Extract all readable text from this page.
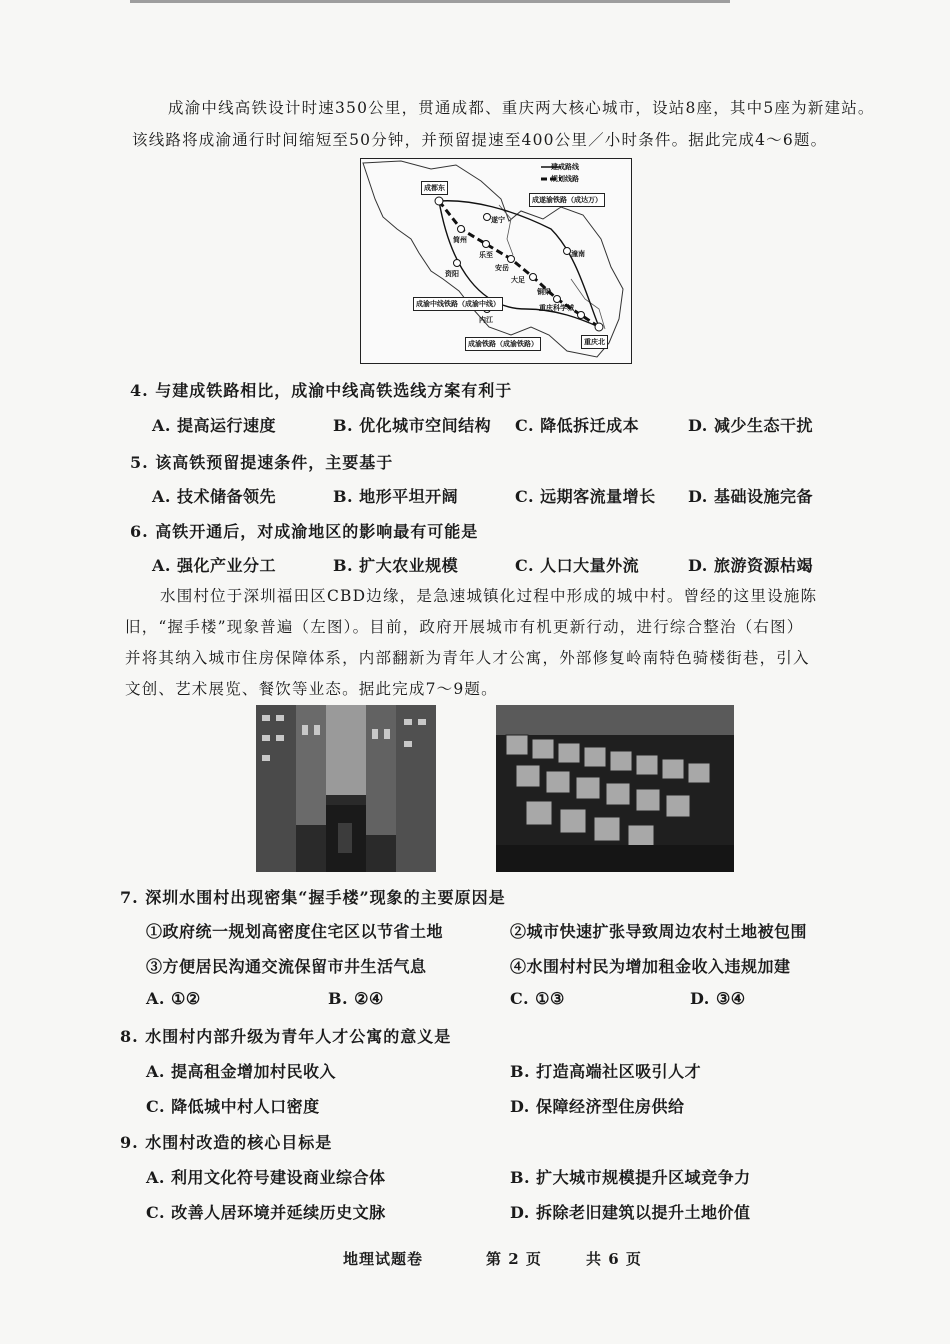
成渝中线高铁设计时速350公里，贯通成都、重庆两大核心城市，设站8座，其中5座为新建站。
该线路将成渝通行时间缩短至50分钟，并预留提速至400公里／小时条件。据此完成4～6题。
建成路线
规划线路
成都东
简州
乐至
安岳
大足
铜梁
重庆科学城
重庆北
遂宁
潼南
资阳
内江
成遂渝铁路（成达万）
成渝中线铁路（成渝中线）
成渝铁路（成渝铁路）
4. 与建成铁路相比，成渝中线高铁选线方案有利于
A. 提高运行速度	B. 优化城市空间结构 C. 降低拆迁成本	D. 减少生态干扰
5. 该高铁预留提速条件，主要基于
A. 技术储备领先	B. 地形平坦开阔	C. 远期客流量增长 D. 基础设施完备
6. 高铁开通后，对成渝地区的影响最有可能是
A. 强化产业分工	B. 扩大农业规模	C. 人口大量外流	D. 旅游资源枯竭
水围村位于深圳福田区CBD边缘，是急速城镇化过程中形成的城中村。曾经的这里设施陈
旧，“握手楼”现象普遍（左图）。目前，政府开展城市有机更新行动，进行综合整治（右图）
并将其纳入城市住房保障体系，内部翻新为青年人才公寓，外部修复岭南特色骑楼街巷，引入
文创、艺术展览、餐饮等业态。据此完成7～9题。
7. 深圳水围村出现密集“握手楼”现象的主要原因是
①政府统一规划高密度住宅区以节省土地	②城市快速扩张导致周边农村土地被包围
③方便居民沟通交流保留市井生活气息	④水围村村民为增加租金收入违规加建
A. ①②	B. ②④	C. ①③	D. ③④
8. 水围村内部升级为青年人才公寓的意义是
A. 提高租金增加村民收入	B. 打造高端社区吸引人才
C. 降低城中村人口密度	D. 保障经济型住房供给
9. 水围村改造的核心目标是
A. 利用文化符号建设商业综合体	B. 扩大城市规模提升区域竞争力
C. 改善人居环境并延续历史文脉	D. 拆除老旧建筑以提升土地价值
地理试题卷	第 2 页	共 6 页
